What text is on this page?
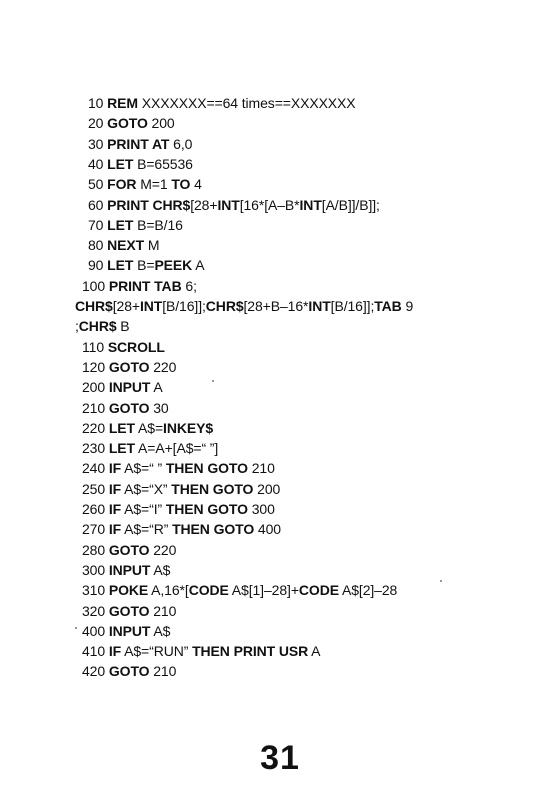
10 REM XXXXXXX==64 times==XXXXXXX
20 GOTO 200
30 PRINT AT 6,0
40 LET B=65536
50 FOR M=1 TO 4
60 PRINT CHR$[28+INT[16*[A–B*INT[A/B]]/B]];
70 LET B=B/16
80 NEXT M
90 LET B=PEEK A
100 PRINT TAB 6;
CHR$[28+INT[B/16]];CHR$[28+B–16*INT[B/16]];TAB 9
;CHR$ B
110 SCROLL
120 GOTO 220
200 INPUT A
210 GOTO 30
220 LET A$=INKEY$
230 LET A=A+[A$=“ ”]
240 IF A$=“ ” THEN GOTO 210
250 IF A$=“X” THEN GOTO 200
260 IF A$=“I” THEN GOTO 300
270 IF A$=“R” THEN GOTO 400
280 GOTO 220
300 INPUT A$
310 POKE A,16*[CODE A$[1]–28]+CODE A$[2]–28
320 GOTO 210
400 INPUT A$
410 IF A$=“RUN” THEN PRINT USR A
420 GOTO 210
31
